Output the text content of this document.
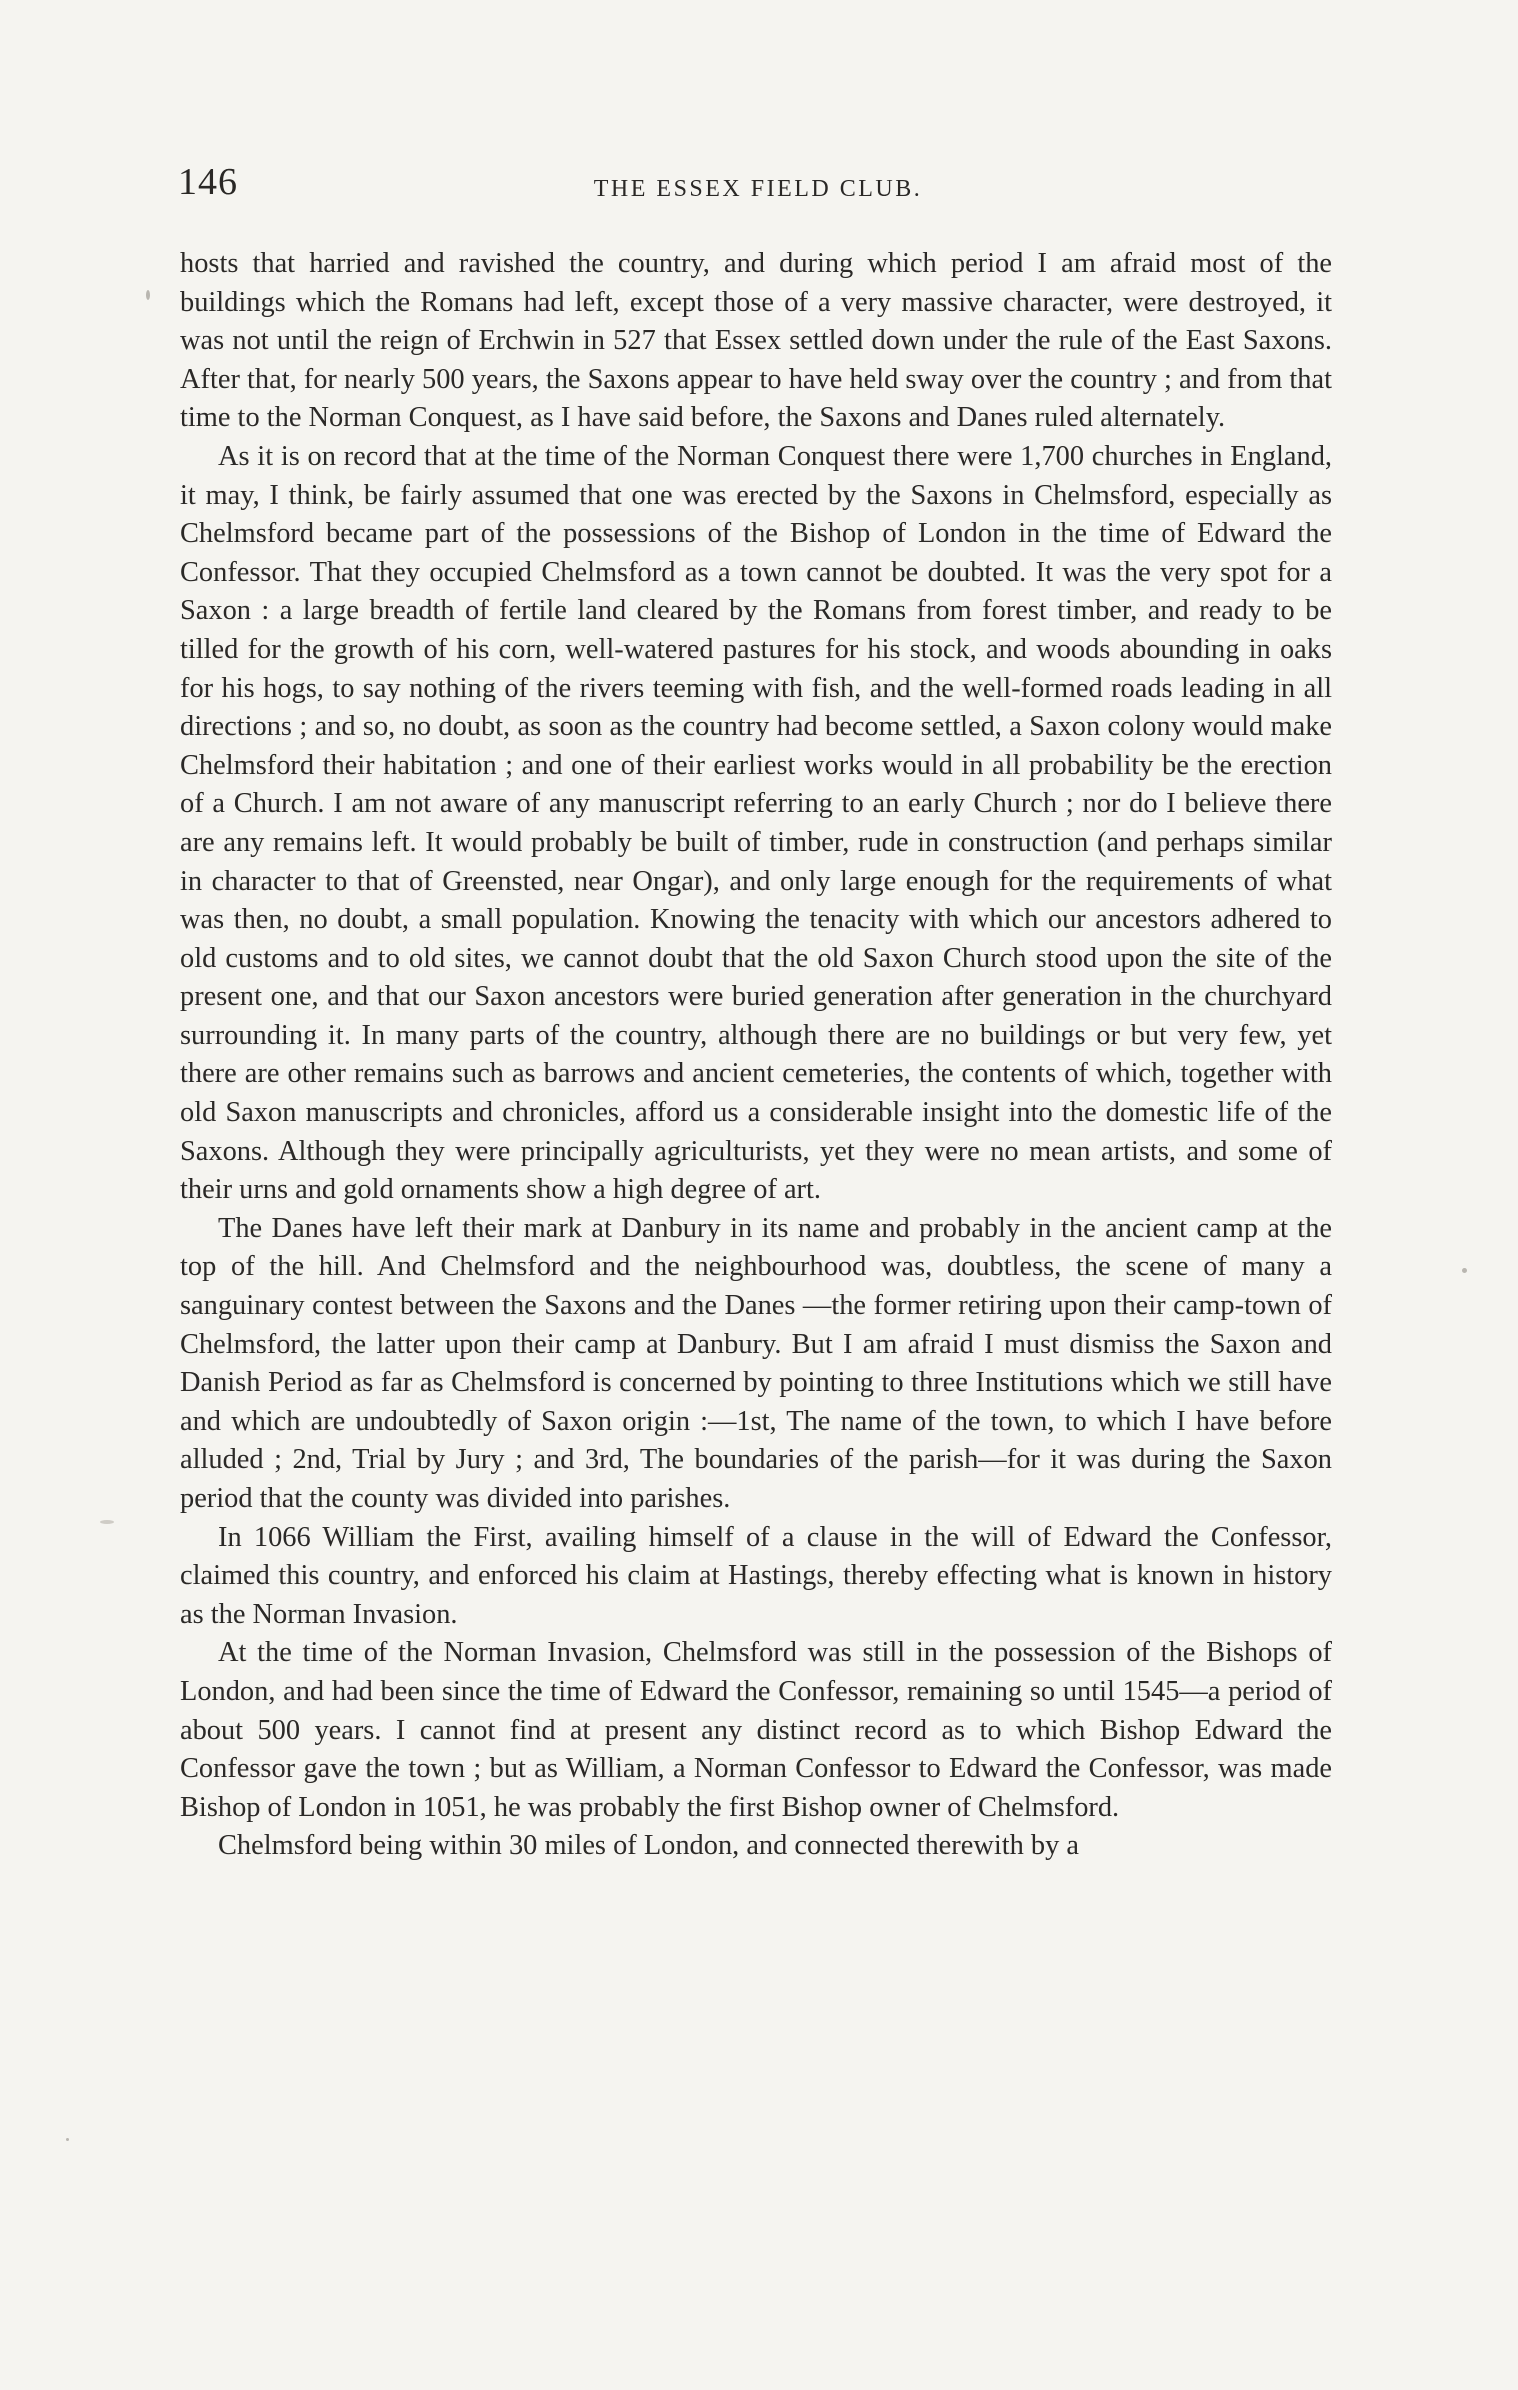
146	THE ESSEX FIELD CLUB.

hosts that harried and ravished the country, and during which period I am afraid most of the buildings which the Romans had left, except those of a very massive character, were destroyed, it was not until the reign of Erchwin in 527 that Essex settled down under the rule of the East Saxons. After that, for nearly 500 years, the Saxons appear to have held sway over the country ; and from that time to the Norman Conquest, as I have said before, the Saxons and Danes ruled alternately.

As it is on record that at the time of the Norman Conquest there were 1,700 churches in England, it may, I think, be fairly assumed that one was erected by the Saxons in Chelmsford, especially as Chelmsford became part of the possessions of the Bishop of London in the time of Edward the Confessor. That they occupied Chelmsford as a town cannot be doubted. It was the very spot for a Saxon : a large breadth of fertile land cleared by the Romans from forest timber, and ready to be tilled for the growth of his corn, well-watered pastures for his stock, and woods abounding in oaks for his hogs, to say nothing of the rivers teeming with fish, and the well-formed roads leading in all directions ; and so, no doubt, as soon as the country had become settled, a Saxon colony would make Chelmsford their habitation ; and one of their earliest works would in all probability be the erection of a Church. I am not aware of any manuscript referring to an early Church ; nor do I believe there are any remains left. It would probably be built of timber, rude in construction (and perhaps similar in character to that of Greensted, near Ongar), and only large enough for the requirements of what was then, no doubt, a small population. Knowing the tenacity with which our ancestors adhered to old customs and to old sites, we cannot doubt that the old Saxon Church stood upon the site of the present one, and that our Saxon ancestors were buried generation after generation in the churchyard surrounding it. In many parts of the country, although there are no buildings or but very few, yet there are other remains such as barrows and ancient cemeteries, the contents of which, together with old Saxon manuscripts and chronicles, afford us a considerable insight into the domestic life of the Saxons. Although they were principally agriculturists, yet they were no mean artists, and some of their urns and gold ornaments show a high degree of art.

The Danes have left their mark at Danbury in its name and probably in the ancient camp at the top of the hill. And Chelmsford and the neighbourhood was, doubtless, the scene of many a sanguinary contest between the Saxons and the Danes —the former retiring upon their camp-town of Chelmsford, the latter upon their camp at Danbury. But I am afraid I must dismiss the Saxon and Danish Period as far as Chelmsford is concerned by pointing to three Institutions which we still have and which are undoubtedly of Saxon origin :—1st, The name of the town, to which I have before alluded ; 2nd, Trial by Jury ; and 3rd, The boundaries of the parish—for it was during the Saxon period that the county was divided into parishes.

In 1066 William the First, availing himself of a clause in the will of Edward the Confessor, claimed this country, and enforced his claim at Hastings, thereby effecting what is known in history as the Norman Invasion.

At the time of the Norman Invasion, Chelmsford was still in the possession of the Bishops of London, and had been since the time of Edward the Confessor, remaining so until 1545—a period of about 500 years. I cannot find at present any distinct record as to which Bishop Edward the Confessor gave the town ; but as William, a Norman Confessor to Edward the Confessor, was made Bishop of London in 1051, he was probably the first Bishop owner of Chelmsford.

Chelmsford being within 30 miles of London, and connected therewith by a
